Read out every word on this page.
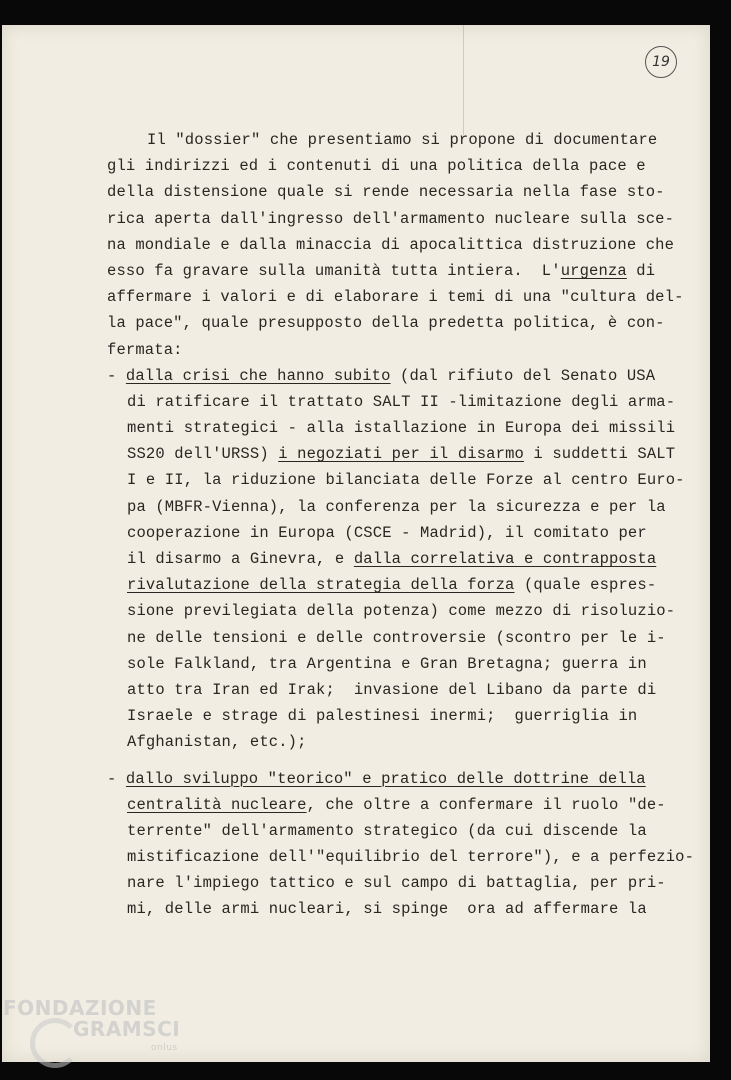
19
Il "dossier" che presentiamo si propone di documentare
gli indirizzi ed i contenuti di una politica della pace e
della distensione quale si rende necessaria nella fase sto-
rica aperta dall'ingresso dell'armamento nucleare sulla sce-
na mondiale e dalla minaccia di apocalittica distruzione che
esso fa gravare sulla umanità tutta intiera.  L'urgenza di
affermare i valori e di elaborare i temi di una "cultura del-
la pace", quale presupposto della predetta politica, è con-
fermata:
- dalla crisi che hanno subito (dal rifiuto del Senato USA
di ratificare il trattato SALT II -limitazione degli arma-
menti strategici - alla istallazione in Europa dei missili
SS20 dell'URSS) i negoziati per il disarmo i suddetti SALT
I e II, la riduzione bilanciata delle Forze al centro Euro-
pa (MBFR-Vienna), la conferenza per la sicurezza e per la
cooperazione in Europa (CSCE - Madrid), il comitato per
il disarmo a Ginevra, e dalla correlativa e contrapposta
rivalutazione della strategia della forza (quale espres-
sione previlegiata della potenza) come mezzo di risoluzio-
ne delle tensioni e delle controversie (scontro per le i-
sole Falkland, tra Argentina e Gran Bretagna; guerra in
atto tra Iran ed Irak;  invasione del Libano da parte di
Israele e strage di palestinesi inermi;  guerriglia in
Afghanistan, etc.);
- dallo sviluppo "teorico" e pratico delle dottrine della
centralità nucleare, che oltre a confermare il ruolo "de-
terrente" dell'armamento strategico (da cui discende la
mistificazione dell'"equilibrio del terrore"), e a perfezio-
nare l'impiego tattico e sul campo di battaglia, per pri-
mi, delle armi nucleari, si spinge  ora ad affermare la
FONDAZIONE
GRAMSCI
onlus
